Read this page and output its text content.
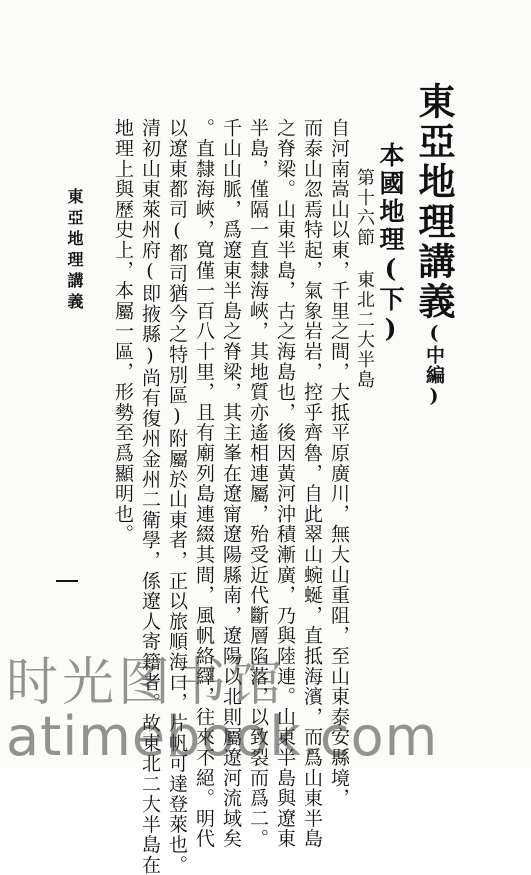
東亞地理講義(中編)
本國地理(下)
第十六節東北二大半島
自河南嵩山以東，千里之間，大抵平原廣川，無大山重阻，至山東泰安縣境，
而泰山忽焉特起，氣象岩岩，控乎齊魯，自此翠山蜿蜒，直抵海濱，而爲山東半島
之脊梁。山東半島，古之海島也，後因黃河沖積漸廣，乃與陸連。山東半島與遼東
半島，僅隔一直隸海峽，其地質亦遙相連屬，殆受近代斷層陷落，以致裂而爲二。
千山山脈，爲遼東半島之脊梁，其主峯在遼甯遼陽縣南，遼陽以北則屬遼河流域矣
。直隸海峽，寬僅一百八十里，且有廟列島連綴其間，風帆絡繹，往來不絕。明代
以遼東都司(都司猶今之特別區)附屬於山東者，正以旅順海口，片帆可達登萊也。
清初山東萊州府(即掖縣)尚有復州金州二衛學，係遼人寄籍者。故東北二大半島在
地理上與歷史上，本屬一區，形勢至爲顯明也。
東亞地理講義
时光图书馆
atimebook.com
